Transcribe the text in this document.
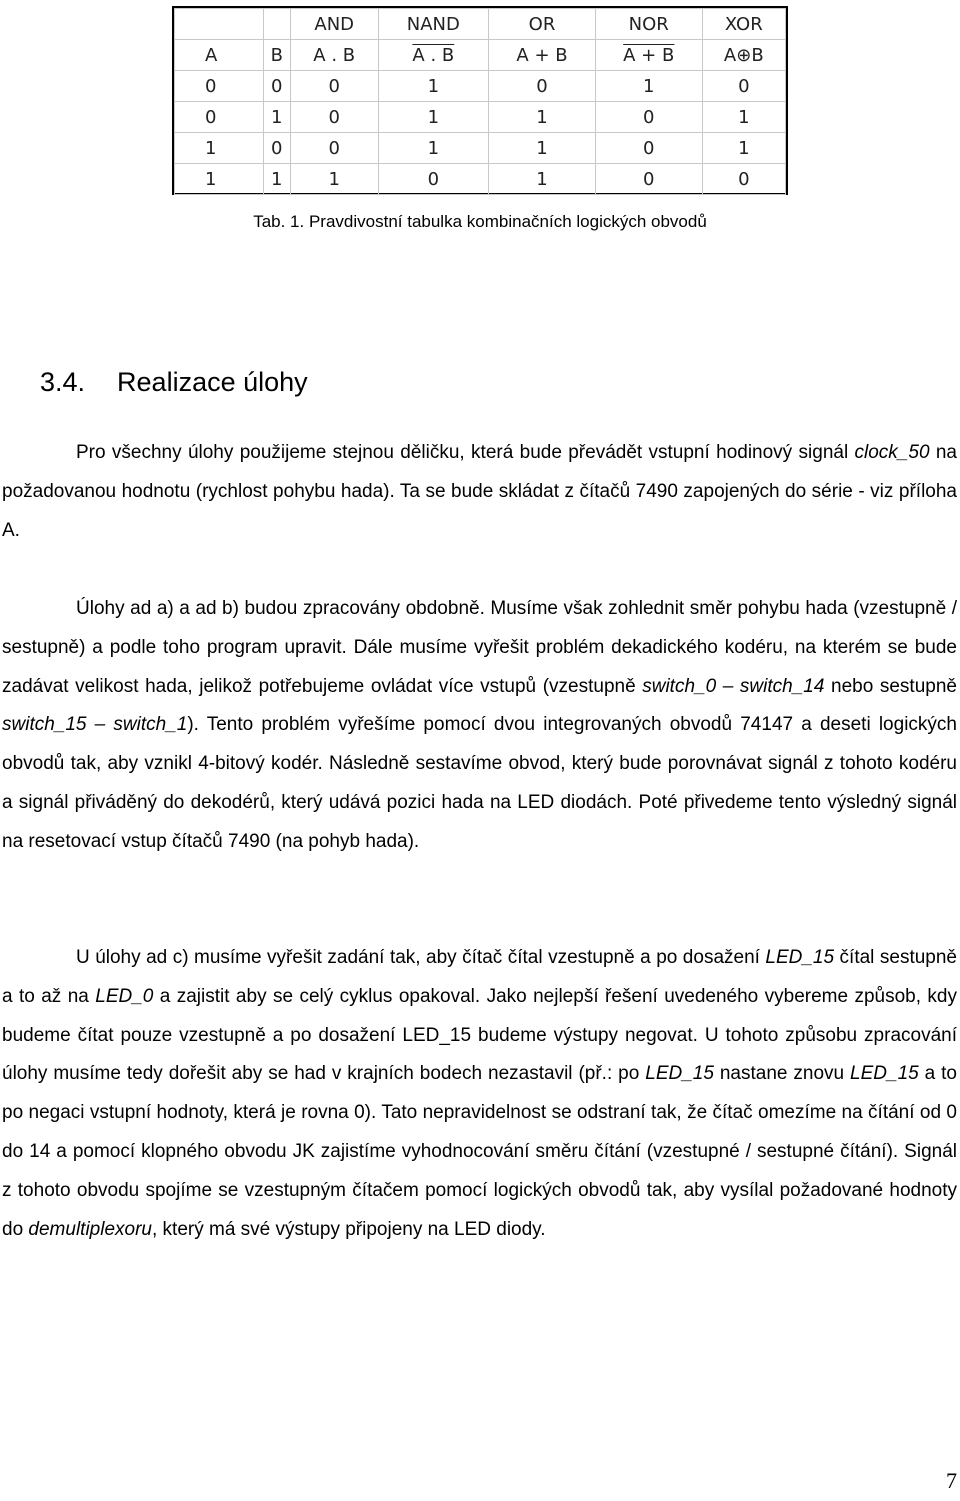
		AND	NAND	OR	NOR	XOR
A	B	A . B	A . B	A + B	A + B	A⊕B
0	0	0	1	0	1	0
0	1	0	1	1	0	1
1	0	0	1	1	0	1
1	1	1	0	1	0	0
Tab. 1. Pravdivostní tabulka kombinačních logických obvodů
3.4. Realizace úlohy

Pro všechny úlohy použijeme stejnou děličku, která bude převádět vstupní hodinový signál clock_50 na požadovanou hodnotu (rychlost pohybu hada). Ta se bude skládat z čítačů 7490 zapojených do série - viz příloha A.

Úlohy ad a) a ad b) budou zpracovány obdobně. Musíme však zohlednit směr pohybu hada (vzestupně / sestupně) a podle toho program upravit. Dále musíme vyřešit problém dekadického kodéru, na kterém se bude zadávat velikost hada, jelikož potřebujeme ovládat více vstupů (vzestupně switch_0 – switch_14 nebo sestupně switch_15 – switch_1). Tento problém vyřešíme pomocí dvou integrovaných obvodů 74147 a deseti logických obvodů tak, aby vznikl 4-bitový kodér. Následně sestavíme obvod, který bude porovnávat signál z tohoto kodéru a signál přiváděný do dekodérů, který udává pozici hada na LED diodách. Poté přivedeme tento výsledný signál na resetovací vstup čítačů 7490 (na pohyb hada).

U úlohy ad c) musíme vyřešit zadání tak, aby čítač čítal vzestupně a po dosažení LED_15 čítal sestupně a to až na LED_0 a zajistit aby se celý cyklus opakoval. Jako nejlepší řešení uvedeného vybereme způsob, kdy budeme čítat pouze vzestupně a po dosažení LED_15 budeme výstupy negovat. U tohoto způsobu zpracování úlohy musíme tedy dořešit aby se had v krajních bodech nezastavil (př.: po LED_15 nastane znovu LED_15 a to po negaci vstupní hodnoty, která je rovna 0). Tato nepravidelnost se odstraní tak, že čítač omezíme na čítání od 0 do 14 a pomocí klopného obvodu JK zajistíme vyhodnocování směru čítání (vzestupné / sestupné čítání). Signál z tohoto obvodu spojíme se vzestupným čítačem pomocí logických obvodů tak, aby vysílal požadované hodnoty do demultiplexoru, který má své výstupy připojeny na LED diody.

7
